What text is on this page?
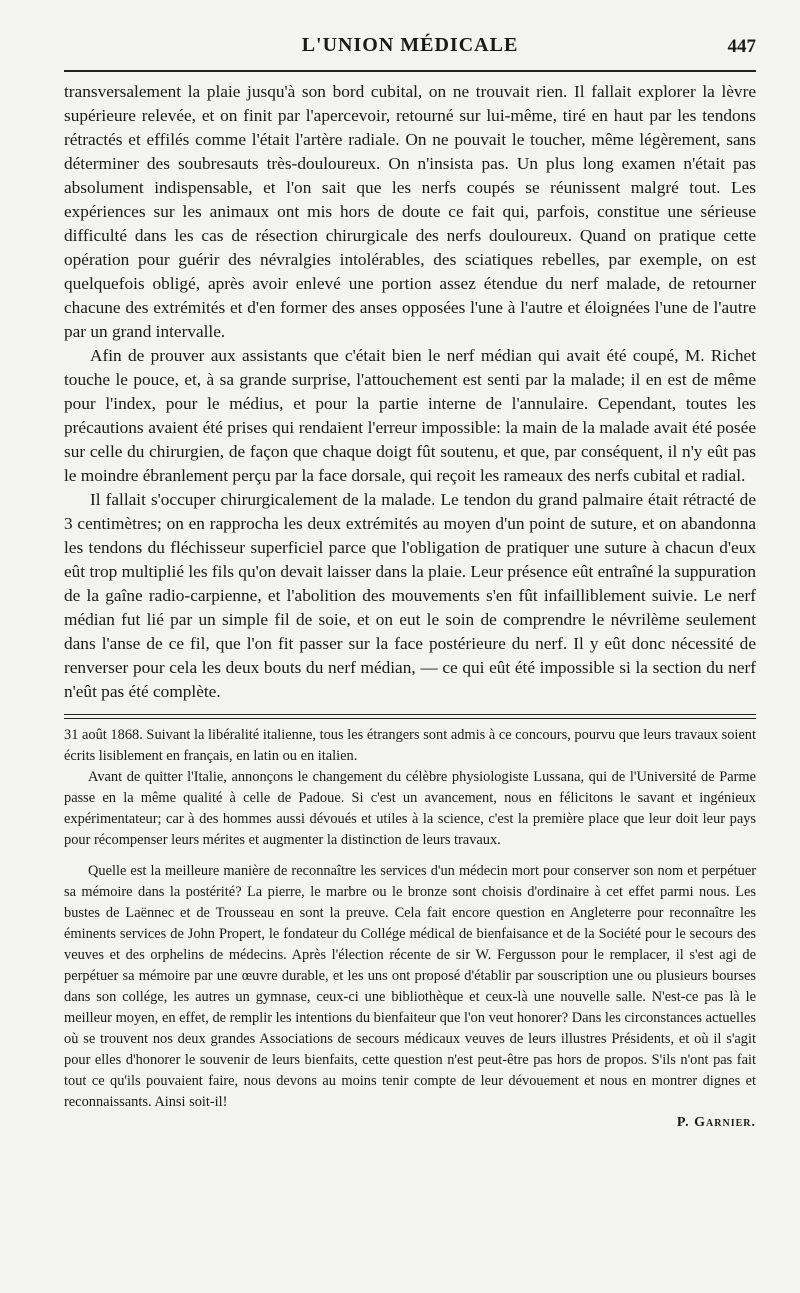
L'UNION MÉDICALE	447

transversalement la plaie jusqu'à son bord cubital, on ne trouvait rien. Il fallait explorer la lèvre supérieure relevée, et on finit par l'apercevoir, retourné sur lui-même, tiré en haut par les tendons rétractés et effilés comme l'était l'artère radiale. On ne pouvait le toucher, même légèrement, sans déterminer des soubresauts très-douloureux. On n'insista pas. Un plus long examen n'était pas absolument indispensable, et l'on sait que les nerfs coupés se réunissent malgré tout. Les expériences sur les animaux ont mis hors de doute ce fait qui, parfois, constitue une sérieuse difficulté dans les cas de résection chirurgicale des nerfs douloureux. Quand on pratique cette opération pour guérir des névralgies intolérables, des sciatiques rebelles, par exemple, on est quelquefois obligé, après avoir enlevé une portion assez étendue du nerf malade, de retourner chacune des extrémités et d'en former des anses opposées l'une à l'autre et éloignées l'une de l'autre par un grand intervalle.

Afin de prouver aux assistants que c'était bien le nerf médian qui avait été coupé, M. Richet touche le pouce, et, à sa grande surprise, l'attouchement est senti par la malade; il en est de même pour l'index, pour le médius, et pour la partie interne de l'annulaire. Cependant, toutes les précautions avaient été prises qui rendaient l'erreur impossible: la main de la malade avait été posée sur celle du chirurgien, de façon que chaque doigt fût soutenu, et que, par conséquent, il n'y eût pas le moindre ébranlement perçu par la face dorsale, qui reçoit les rameaux des nerfs cubital et radial.

Il fallait s'occuper chirurgicalement de la malade. Le tendon du grand palmaire était rétracté de 3 centimètres; on en rapprocha les deux extrémités au moyen d'un point de suture, et on abandonna les tendons du fléchisseur superficiel parce que l'obligation de pratiquer une suture à chacun d'eux eût trop multiplié les fils qu'on devait laisser dans la plaie. Leur présence eût entraîné la suppuration de la gaîne radio-carpienne, et l'abolition des mouvements s'en fût infailliblement suivie. Le nerf médian fut lié par un simple fil de soie, et on eut le soin de comprendre le névrilème seulement dans l'anse de ce fil, que l'on fit passer sur la face postérieure du nerf. Il y eût donc nécessité de renverser pour cela les deux bouts du nerf médian, — ce qui eût été impossible si la section du nerf n'eût pas été complète.

31 août 1868. Suivant la libéralité italienne, tous les étrangers sont admis à ce concours, pourvu que leurs travaux soient écrits lisiblement en français, en latin ou en italien.

Avant de quitter l'Italie, annonçons le changement du célèbre physiologiste Lussana, qui de l'Université de Parme passe en la même qualité à celle de Padoue. Si c'est un avancement, nous en félicitons le savant et ingénieux expérimentateur; car à des hommes aussi dévoués et utiles à la science, c'est la première place que leur doit leur pays pour récompenser leurs mérites et augmenter la distinction de leurs travaux.

Quelle est la meilleure manière de reconnaître les services d'un médecin mort pour conserver son nom et perpétuer sa mémoire dans la postérité? La pierre, le marbre ou le bronze sont choisis d'ordinaire à cet effet parmi nous. Les bustes de Laënnec et de Trousseau en sont la preuve. Cela fait encore question en Angleterre pour reconnaître les éminents services de John Propert, le fondateur du Collége médical de bienfaisance et de la Société pour le secours des veuves et des orphelins de médecins. Après l'élection récente de sir W. Fergusson pour le remplacer, il s'est agi de perpétuer sa mémoire par une œuvre durable, et les uns ont proposé d'établir par souscription une ou plusieurs bourses dans son collége, les autres un gymnase, ceux-ci une bibliothèque et ceux-là une nouvelle salle. N'est-ce pas là le meilleur moyen, en effet, de remplir les intentions du bienfaiteur que l'on veut honorer? Dans les circonstances actuelles où se trouvent nos deux grandes Associations de secours médicaux veuves de leurs illustres Présidents, et où il s'agit pour elles d'honorer le souvenir de leurs bienfaits, cette question n'est peut-être pas hors de propos. S'ils n'ont pas fait tout ce qu'ils pouvaient faire, nous devons au moins tenir compte de leur dévouement et nous en montrer dignes et reconnaissants. Ainsi soit-il!

P. Garnier.
